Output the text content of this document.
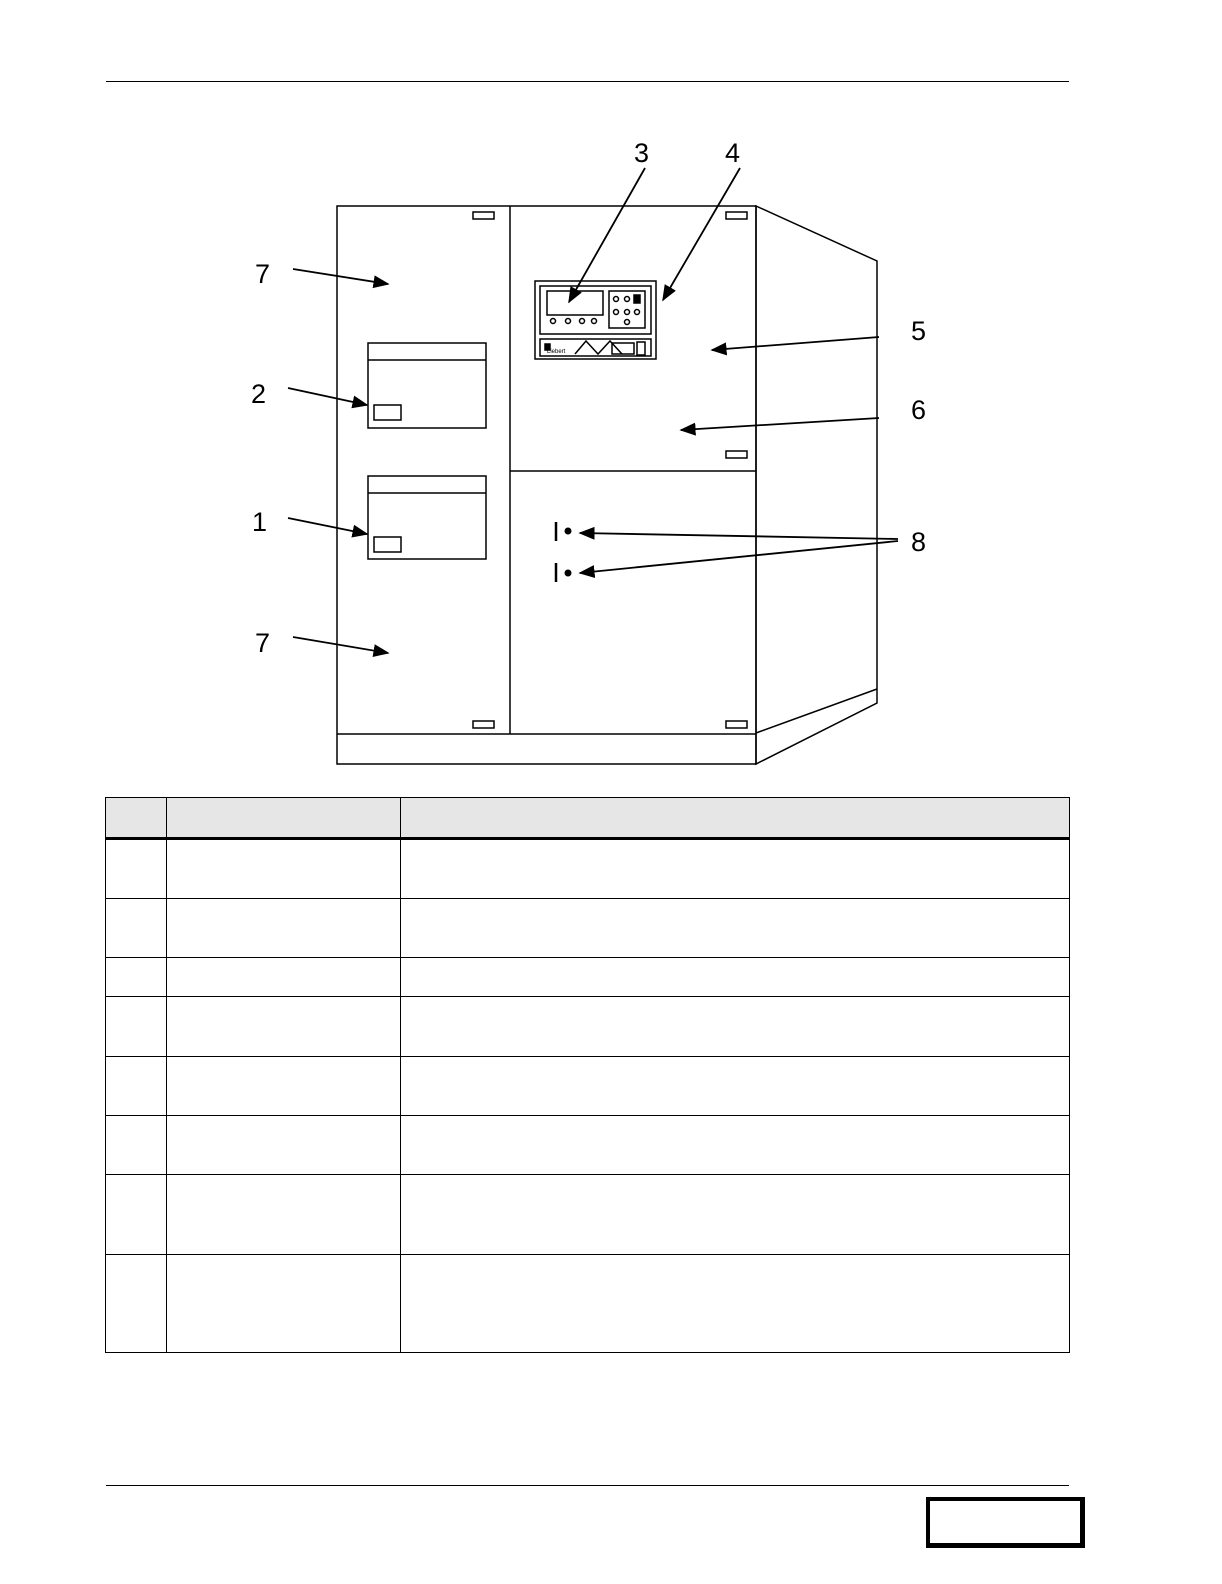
Liebert
3	4
7
5
2
6
1
8
7
